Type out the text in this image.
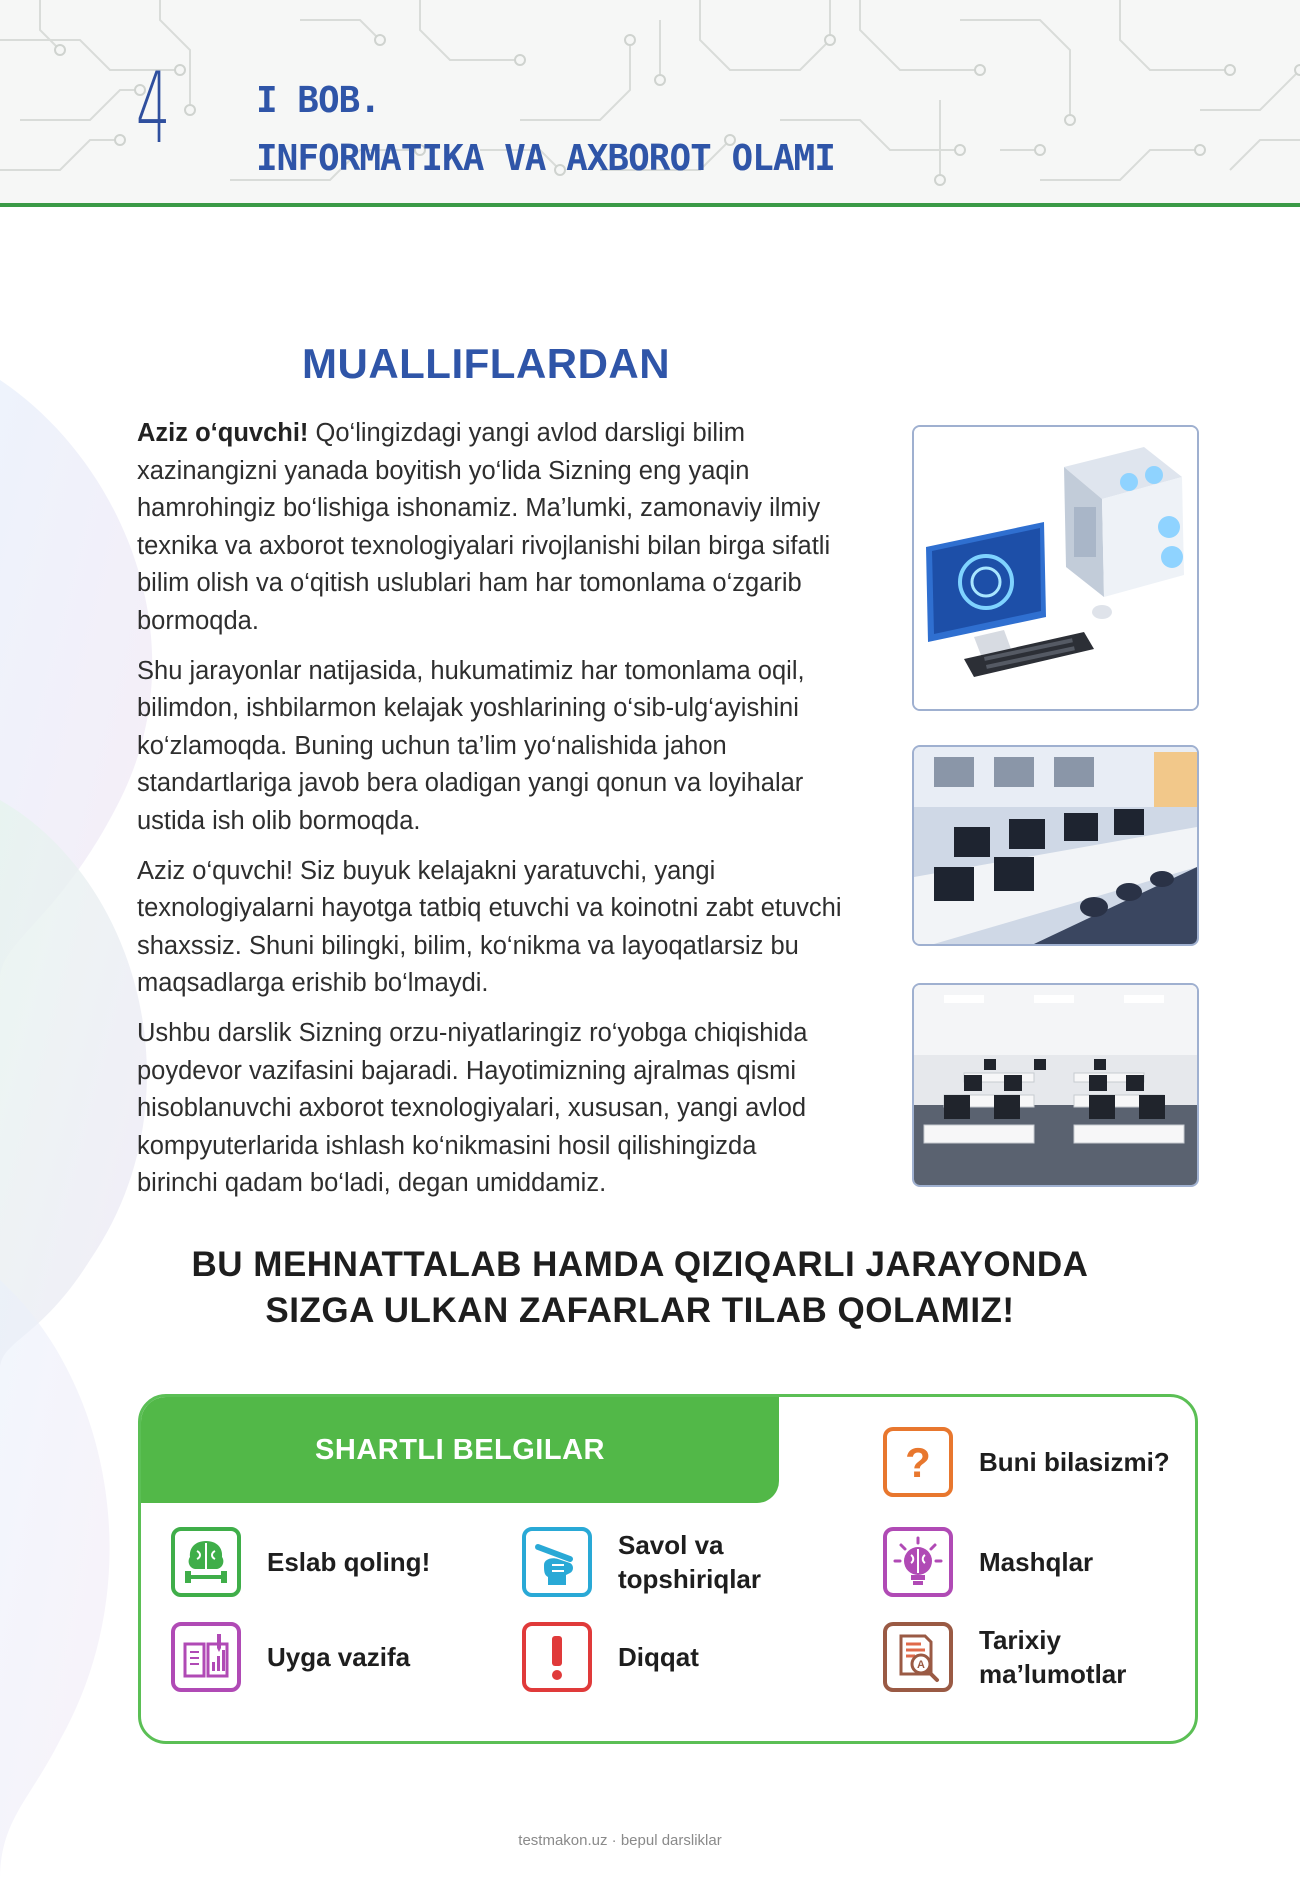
4 I BOB.
INFORMATIKA VA AXBOROT OLAMI
MUALLIFLARDAN

Aziz o‘quvchi! Qo‘lingizdagi yangi avlod darsligi bilim xazinangizni yanada boyitish yo‘lida Sizning eng yaqin hamrohingiz bo‘lishiga ishonamiz. Ma’lumki, zamonaviy ilmiy texnika va axborot texnologiyalari rivojlanishi bilan birga sifatli bilim olish va o‘qitish uslublari ham har tomonlama o‘zgarib bormoqda.

Shu jarayonlar natijasida, hukumatimiz har tomonlama oqil, bilimdon, ishbilarmon kelajak yoshlarining o‘sib-ulg‘ayishini ko‘zlamoqda. Buning uchun ta’lim yo‘nalishida jahon standartlariga javob bera oladigan yangi qonun va loyihalar ustida ish olib bormoqda.

Aziz o‘quvchi! Siz buyuk kelajakni yaratuvchi, yangi texnologiyalarni hayotga tatbiq etuvchi va koinotni zabt etuvchi shaxssiz. Shuni bilingki, bilim, ko‘nikma va layoqatlarsiz bu maqsadlarga erishib bo‘lmaydi.

Ushbu darslik Sizning orzu-niyatlaringiz ro‘yobga chiqishida poydevor vazifasini bajaradi. Hayotimizning ajralmas qismi hisoblanuvchi axborot texnologiyalari, xususan, yangi avlod kompyuterlarida ishlash ko‘nikmasini hosil qilishingizda birinchi qadam bo‘ladi, degan umiddamiz.

BU MEHNATTALAB HAMDA QIZIQARLI JARAYONDA
SIZGA ULKAN ZAFARLAR TILAB QOLAMIZ!
SHARTLI BELGILAR	? Buni bilasizmi?
Eslab qoling!
Savol va topshiriqlar
Mashqlar
Uyga vazifa	Diqqat	A
Tarixiy ma’lumotlar
testmakon.uz · bepul darsliklar
